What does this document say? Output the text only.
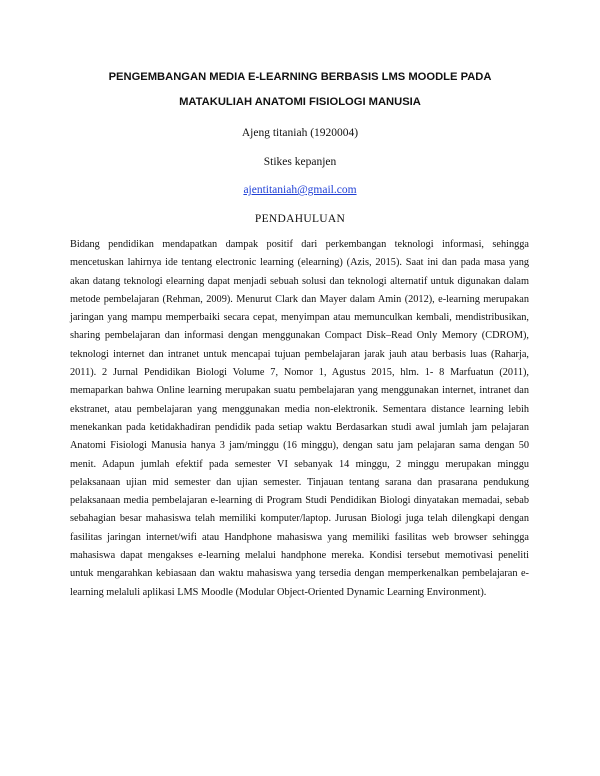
PENGEMBANGAN MEDIA E-LEARNING BERBASIS LMS MOODLE PADA
MATAKULIAH ANATOMI FISIOLOGI MANUSIA
Ajeng titaniah (1920004)
Stikes kepanjen
ajentitaniah@gmail.com
PENDAHULUAN

Bidang pendidikan mendapatkan dampak positif dari perkembangan teknologi informasi, sehingga mencetuskan lahirnya ide tentang electronic learning (elearning) (Azis, 2015). Saat ini dan pada masa yang akan datang teknologi elearning dapat menjadi sebuah solusi dan teknologi alternatif untuk digunakan dalam metode pembelajaran (Rehman, 2009). Menurut Clark dan Mayer dalam Amin (2012), e-learning merupakan jaringan yang mampu memperbaiki secara cepat, menyimpan atau memunculkan kembali, mendistribusikan, sharing pembelajaran dan informasi dengan menggunakan Compact Disk–Read Only Memory (CDROM), teknologi internet dan intranet untuk mencapai tujuan pembelajaran jarak jauh atau berbasis luas (Raharja, 2011). 2 Jurnal Pendidikan Biologi Volume 7, Nomor 1, Agustus 2015, hlm. 1- 8 Marfuatun (2011), memaparkan bahwa Online learning merupakan suatu pembelajaran yang menggunakan internet, intranet dan ekstranet, atau pembelajaran yang menggunakan media non-elektronik. Sementara distance learning lebih menekankan pada ketidakhadiran pendidik pada setiap waktu Berdasarkan studi awal jumlah jam pelajaran Anatomi Fisiologi Manusia hanya 3 jam/minggu (16 minggu), dengan satu jam pelajaran sama dengan 50 menit. Adapun jumlah efektif pada semester VI sebanyak 14 minggu, 2 minggu merupakan minggu pelaksanaan ujian mid semester dan ujian semester. Tinjauan tentang sarana dan prasarana pendukung pelaksanaan media pembelajaran e-learning di Program Studi Pendidikan Biologi dinyatakan memadai, sebab sebahagian besar mahasiswa telah memiliki komputer/laptop. Jurusan Biologi juga telah dilengkapi dengan fasilitas jaringan internet/wifi atau Handphone mahasiswa yang memiliki fasilitas web browser sehingga mahasiswa dapat mengakses e-learning melalui handphone mereka. Kondisi tersebut memotivasi peneliti untuk mengarahkan kebiasaan dan waktu mahasiswa yang tersedia dengan memperkenalkan pembelajaran e-learning melaluli aplikasi LMS Moodle (Modular Object-Oriented Dynamic Learning Environment).
